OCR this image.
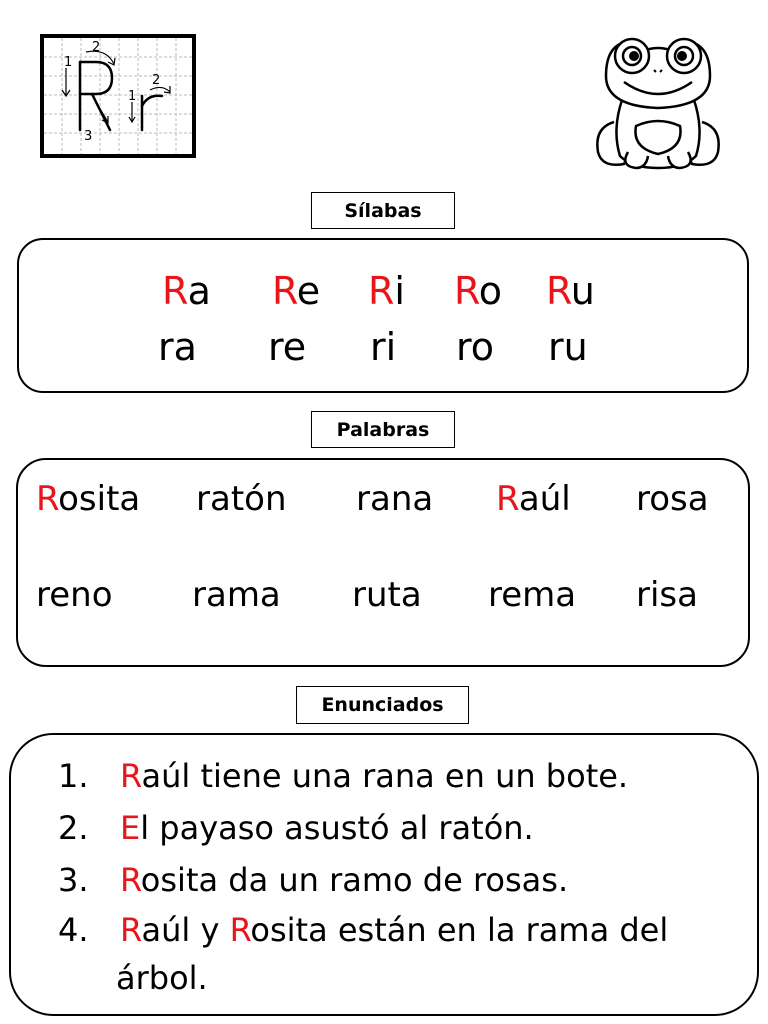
1
2
3
1
2
Sílabas
Ra Re Ri Ro Ru
ra re ri ro ru
Palabras
Rosita ratón rana Raúl rosa
reno rama ruta rema risa
Enunciados
1. Raúl tiene una rana en un bote.
2. El payaso asustó al ratón.
3. Rosita da un ramo de rosas.
4. Raúl y Rosita están en la rama del
árbol.
